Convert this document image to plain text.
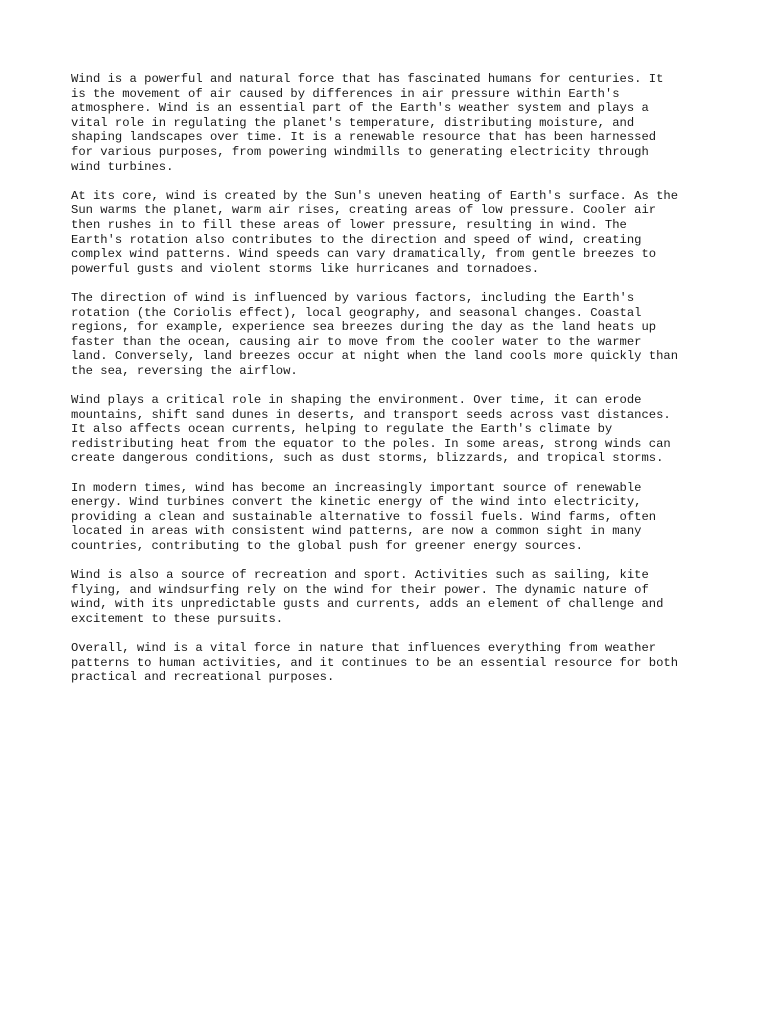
Wind is a powerful and natural force that has fascinated humans for centuries. It
is the movement of air caused by differences in air pressure within Earth's
atmosphere. Wind is an essential part of the Earth's weather system and plays a
vital role in regulating the planet's temperature, distributing moisture, and
shaping landscapes over time. It is a renewable resource that has been harnessed
for various purposes, from powering windmills to generating electricity through
wind turbines.

At its core, wind is created by the Sun's uneven heating of Earth's surface. As the
Sun warms the planet, warm air rises, creating areas of low pressure. Cooler air
then rushes in to fill these areas of lower pressure, resulting in wind. The
Earth's rotation also contributes to the direction and speed of wind, creating
complex wind patterns. Wind speeds can vary dramatically, from gentle breezes to
powerful gusts and violent storms like hurricanes and tornadoes.

The direction of wind is influenced by various factors, including the Earth's
rotation (the Coriolis effect), local geography, and seasonal changes. Coastal
regions, for example, experience sea breezes during the day as the land heats up
faster than the ocean, causing air to move from the cooler water to the warmer
land. Conversely, land breezes occur at night when the land cools more quickly than
the sea, reversing the airflow.

Wind plays a critical role in shaping the environment. Over time, it can erode
mountains, shift sand dunes in deserts, and transport seeds across vast distances.
It also affects ocean currents, helping to regulate the Earth's climate by
redistributing heat from the equator to the poles. In some areas, strong winds can
create dangerous conditions, such as dust storms, blizzards, and tropical storms.

In modern times, wind has become an increasingly important source of renewable
energy. Wind turbines convert the kinetic energy of the wind into electricity,
providing a clean and sustainable alternative to fossil fuels. Wind farms, often
located in areas with consistent wind patterns, are now a common sight in many
countries, contributing to the global push for greener energy sources.

Wind is also a source of recreation and sport. Activities such as sailing, kite
flying, and windsurfing rely on the wind for their power. The dynamic nature of
wind, with its unpredictable gusts and currents, adds an element of challenge and
excitement to these pursuits.

Overall, wind is a vital force in nature that influences everything from weather
patterns to human activities, and it continues to be an essential resource for both
practical and recreational purposes.
